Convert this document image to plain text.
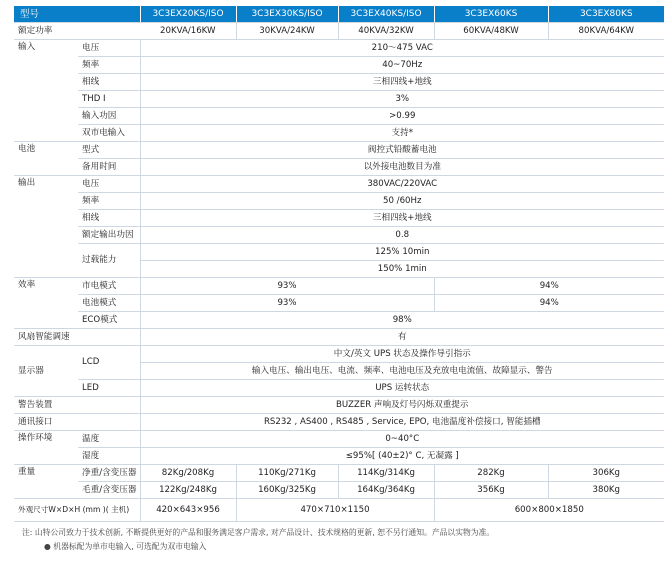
型号		3C3EX20KS/ISO	3C3EX30KS/ISO	3C3EX40KS/ISO	3C3EX60KS	3C3EX80KS
额定功率		20KVA/16KW	30KVA/24KW	40KVA/32KW	60KVA/48KW	80KVA/64KW
输入	电压	210～475 VAC				
	频率	40~70Hz				
	相线	三相四线+地线				
	THD I	3%				
	输入功因	>0.99				
	双市电输入	支持*				
电池	型式	阀控式铅酸蓄电池				
	备用时间	以外接电池数目为准				
输出	电压	380VAC/220VAC				
	频率	50 /60Hz				
	相线	三相四线+地线				
	额定输出功因	0.8				
	过载能力	125% 10min				
		150% 1min				
效率	市电模式	93%			94%	
	电池模式	93%			94%	
	ECO模式	98%				
风扇智能调速		有				
显示器	LCD	中文/英文 UPS 状态及操作导引指示				
		输入电压、输出电压、电流、频率、电池电压及充放电电流值、故障显示、警告				
	LED	UPS 运转状态				
警告装置		BUZZER 声响及灯号闪烁双重提示				
通讯接口		RS232 , AS400 , RS485 , Service, EPO, 电池温度补偿接口, 智能插槽				
操作环境	温度	0~40°C				
	湿度	≤95%[ (40±2)° C, 无凝露 ]				
重量	净重/含变压器	82Kg/208Kg	110Kg/271Kg	114Kg/314Kg	282Kg	306Kg
	毛重/含变压器	122Kg/248Kg	160Kg/325Kg	164Kg/364Kg	356Kg	380Kg
外观尺寸W×D×H (mm )( 主机)		420×643×956	470×710×1150		600×800×1850	
注: 山特公司致力于技术创新, 不断提供更好的产品和服务满足客户需求, 对产品设计、技术规格的更新, 恕不另行通知。产品以实物为准。
● 机器标配为单市电输入, 可选配为双市电输入
